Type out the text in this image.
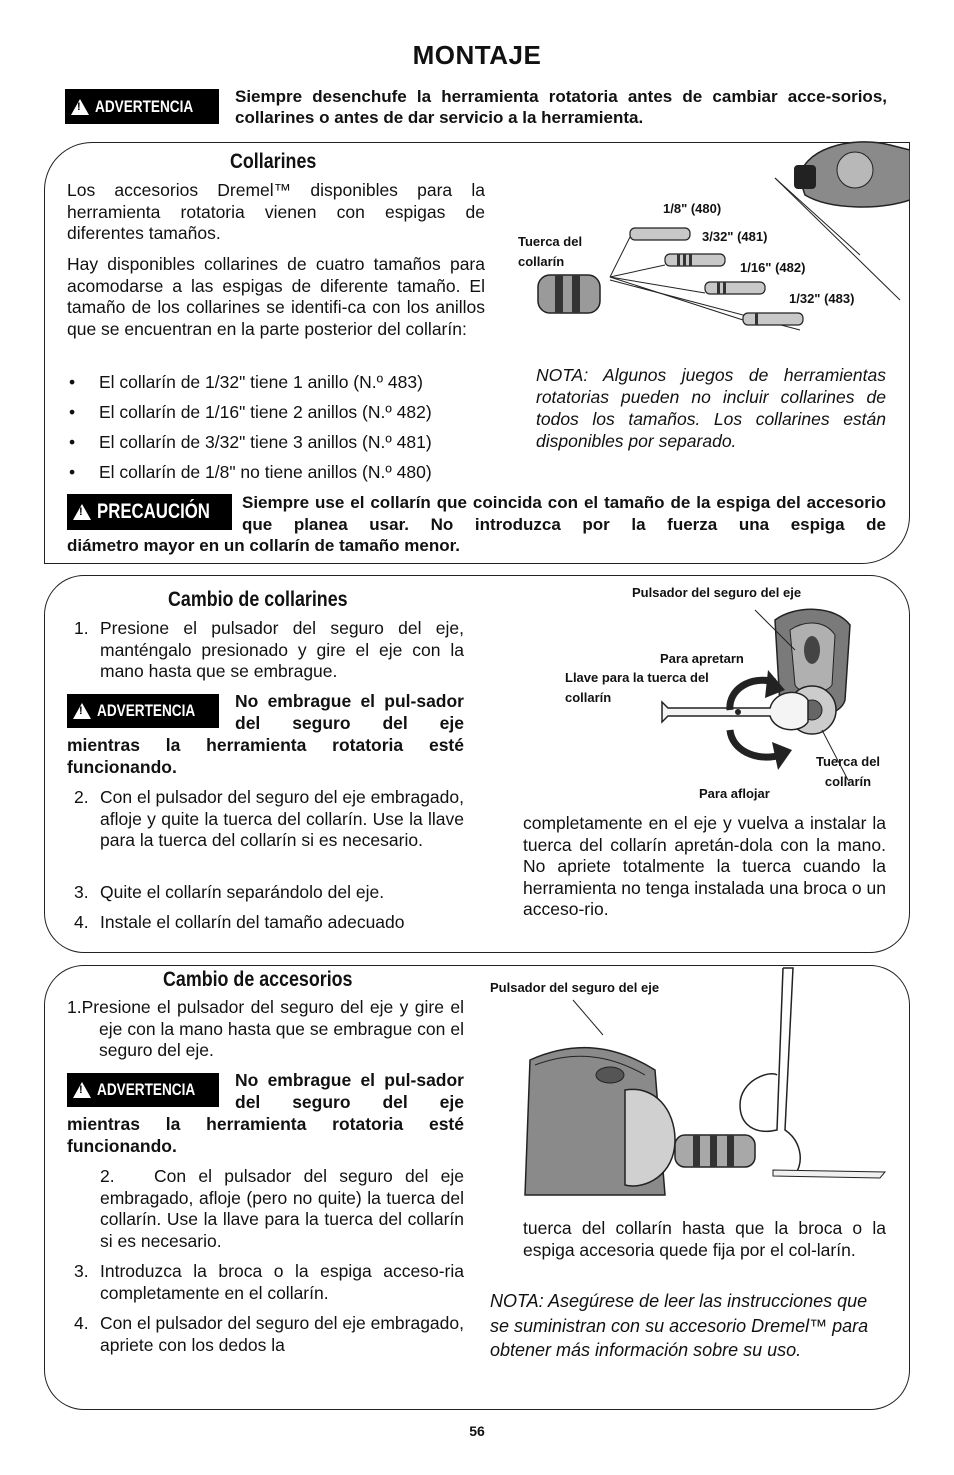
MONTAJE
!
ADVERTENCIA Siempre desenchufe la herramienta rotatoria antes de cambiar acce-sorios, collarines o antes de dar servicio a la herramienta.
Collarines
Los accesorios Dremel™ disponibles para la herramienta rotatoria vienen con espigas de diferentes tamaños.
Hay disponibles collarines de cuatro tamaños para acomodarse a las espigas de diferente tamaño. El tamaño de los collarines se identifi-ca con los anillos que se encuentran en la parte posterior del collarín:
• El collarín de 1/32" tiene 1 anillo (N.º 483)
• El collarín de 1/16" tiene 2 anillos (N.º 482)
• El collarín de 3/32" tiene 3 anillos (N.º 481)
• El collarín de 1/8" no tiene anillos (N.º 480)
Tuerca del collarín
1/8" (480)
3/32" (481)
1/16" (482)
1/32" (483)
NOTA: Algunos juegos de herramientas rotatorias pueden no incluir collarines de todos los tamaños. Los collarines están disponibles por separado.
!
PRECAUCIÓN Siempre use el collarín que coincida con el tamaño de la espiga del accesorio que planea usar. No introduzca por la fuerza una espiga de
diámetro mayor en un collarín de tamaño menor.
Cambio de collarines
1. Presione el pulsador del seguro del eje, manténgalo presionado y gire el eje con la mano hasta que se embrague.
!
ADVERTENCIA No embrague el pul-sador del seguro del eje
mientras la herramienta rotatoria esté funcionando.
2. Con el pulsador del seguro del eje embragado, afloje y quite la tuerca del collarín. Use la llave para la tuerca del collarín si es necesario.
3. Quite el collarín separándolo del eje.
4. Instale el collarín del tamaño adecuado
Pulsador del seguro del eje
Para apretarn
Llave para la tuerca del collarín
Tuerca del collarín
Para aflojar
completamente en el eje y vuelva a instalar la tuerca del collarín apretán-dola con la mano. No apriete totalmente la tuerca cuando la herramienta no tenga instalada una broca o un acceso-rio.
Cambio de accesorios
1.Presione el pulsador del seguro del eje y gire el eje con la mano hasta que se embrague con el seguro del eje.
!
ADVERTENCIA No embrague el pul-sador del seguro del eje
mientras la herramienta rotatoria esté funcionando.
2. Con el pulsador del seguro del eje embragado, afloje (pero no quite) la tuerca del collarín. Use la llave para la tuerca del collarín si es necesario.
3. Introduzca la broca o la espiga acceso-ria completamente en el collarín.
4. Con el pulsador del seguro del eje embragado, apriete con los dedos la
Pulsador del seguro del eje
tuerca del collarín hasta que la broca o la espiga accesoria quede fija por el col-larín.
NOTA: Asegúrese de leer las instrucciones que se suministran con su accesorio Dremel™ para obtener más información sobre su uso.
56
